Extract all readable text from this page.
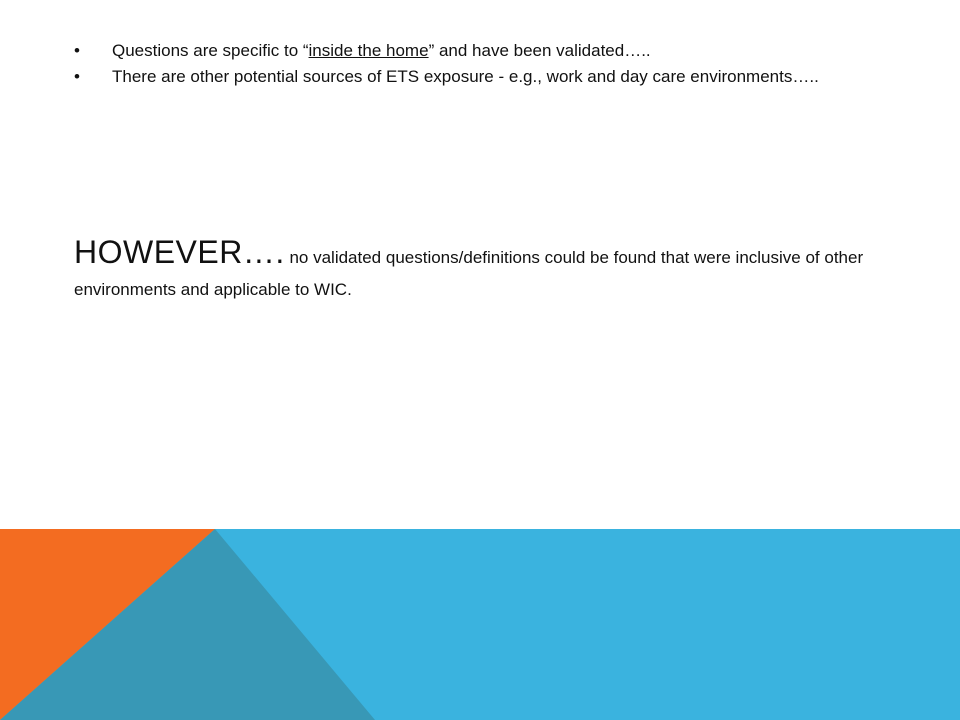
• Questions are specific to “inside the home” and have been validated…..
• There are other potential sources of ETS exposure - e.g., work and day care environments…..
HOWEVER…. no validated questions/definitions could be found that were inclusive of other environments and applicable to WIC.
